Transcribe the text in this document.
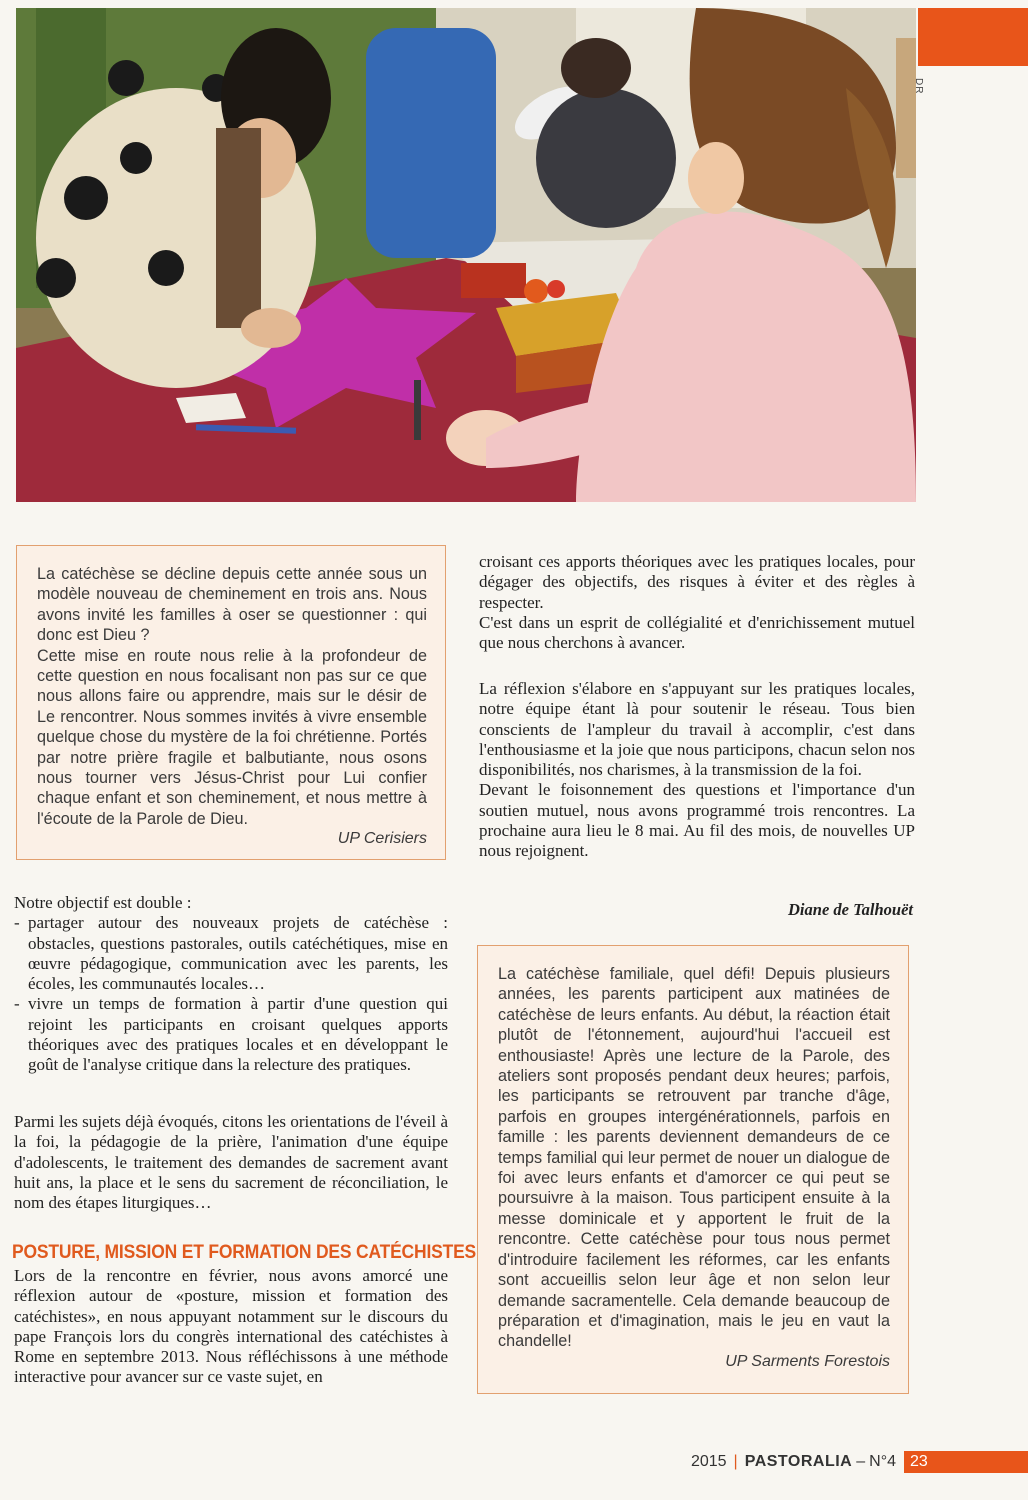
DR
La catéchèse se décline depuis cette année sous un modèle nouveau de cheminement en trois ans. Nous avons invité les familles à oser se questionner : qui donc est Dieu ?
Cette mise en route nous relie à la profondeur de cette question en nous focalisant non pas sur ce que nous allons faire ou apprendre, mais sur le désir de Le rencontrer. Nous sommes invités à vivre ensemble quelque chose du mystère de la foi chrétienne. Portés par notre prière fragile et balbutiante, nous osons nous tourner vers Jésus-Christ pour Lui confier chaque enfant et son cheminement, et nous mettre à l'écoute de la Parole de Dieu.
UP Cerisiers

croisant ces apports théoriques avec les pratiques locales, pour dégager des objectifs, des risques à éviter et des règles à respecter.
C'est dans un esprit de collégialité et d'enrichissement mutuel que nous cherchons à avancer.

La réflexion s'élabore en s'appuyant sur les pratiques locales, notre équipe étant là pour soutenir le réseau. Tous bien conscients de l'ampleur du travail à accomplir, c'est dans l'enthousiasme et la joie que nous participons, chacun selon nos disponibilités, nos charismes, à la transmission de la foi.
Devant le foisonnement des questions et l'importance d'un soutien mutuel, nous avons programmé trois rencontres. La prochaine aura lieu le 8 mai. Au fil des mois, de nouvelles UP nous rejoignent.

Diane de Talhouët
Notre objectif est double :
- partager autour des nouveaux projets de catéchèse : obstacles, questions pastorales, outils catéchétiques, mise en œuvre pédagogique, communication avec les parents, les écoles, les communautés locales…
- vivre un temps de formation à partir d'une question qui rejoint les participants en croisant quelques apports théoriques avec des pratiques locales et en développant le goût de l'analyse critique dans la relecture des pratiques.

Parmi les sujets déjà évoqués, citons les orientations de l'éveil à la foi, la pédagogie de la prière, l'animation d'une équipe d'adolescents, le traitement des demandes de sacrement avant huit ans, la place et le sens du sacrement de réconciliation, le nom des étapes liturgiques…

POSTURE, MISSION ET FORMATION DES CATÉCHISTES

Lors de la rencontre en février, nous avons amorcé une réflexion autour de «posture, mission et formation des catéchistes», en nous appuyant notamment sur le discours du pape François lors du congrès international des catéchistes à Rome en septembre 2013. Nous réfléchissons à une méthode interactive pour avancer sur ce vaste sujet, en

La catéchèse familiale, quel défi! Depuis plusieurs années, les parents participent aux matinées de catéchèse de leurs enfants. Au début, la réaction était plutôt de l'étonnement, aujourd'hui l'accueil est enthousiaste! Après une lecture de la Parole, des ateliers sont proposés pendant deux heures; parfois, les participants se retrouvent par tranche d'âge, parfois en groupes intergénérationnels, parfois en famille : les parents deviennent demandeurs de ce temps familial qui leur permet de nouer un dialogue de foi avec leurs enfants et d'amorcer ce qui peut se poursuivre à la maison. Tous participent ensuite à la messe dominicale et y apportent le fruit de la rencontre. Cette catéchèse pour tous nous permet d'introduire facilement les réformes, car les enfants sont accueillis selon leur âge et non selon leur demande sacramentelle. Cela demande beaucoup de préparation et d'imagination, mais le jeu en vaut la chandelle!
UP Sarments Forestois
2015 | PASTORALIA – N°4 23
